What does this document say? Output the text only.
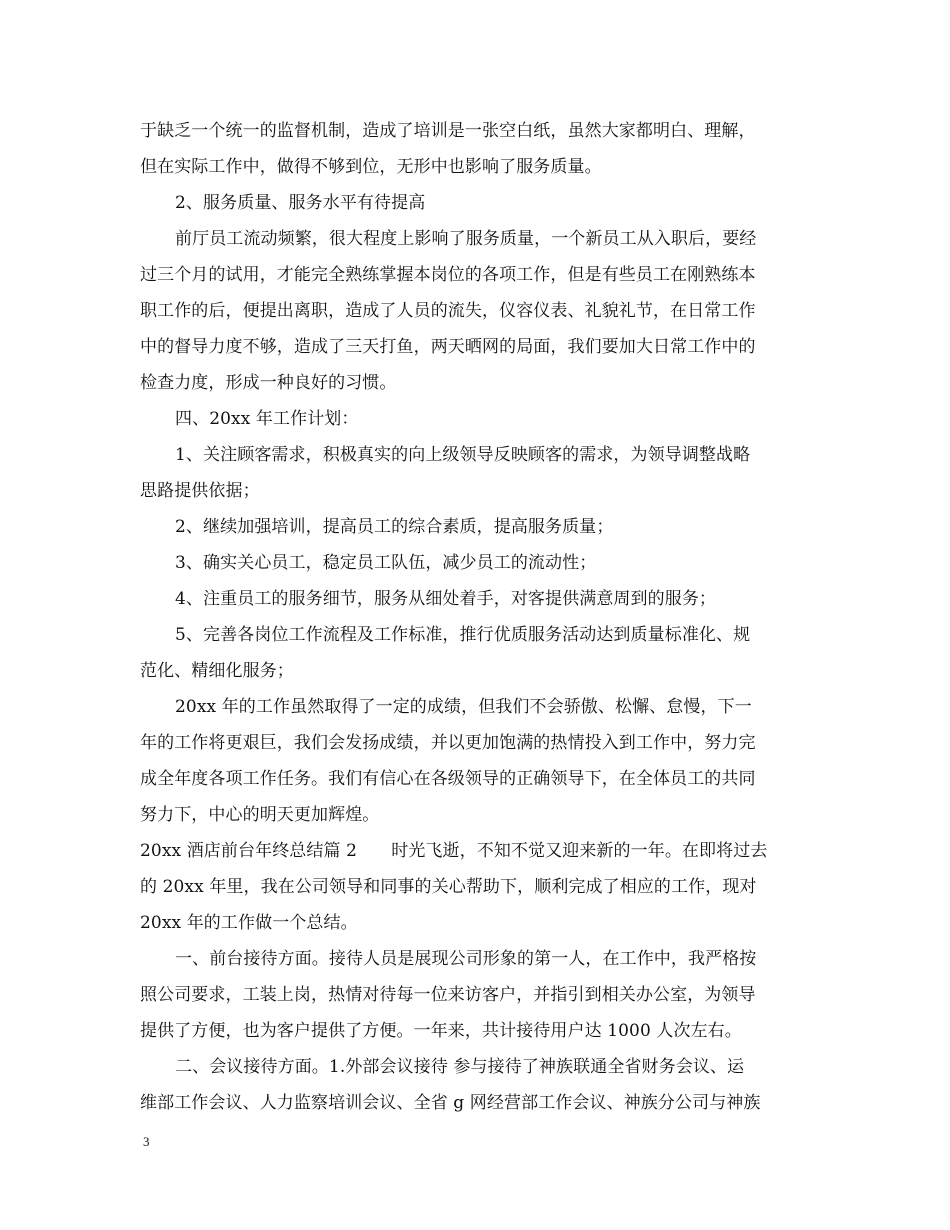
于缺乏一个统一的监督机制，造成了培训是一张空白纸，虽然大家都明白、理解，
但在实际工作中，做得不够到位，无形中也影响了服务质量。
2、服务质量、服务水平有待提高
前厅员工流动频繁，很大程度上影响了服务质量，一个新员工从入职后，要经
过三个月的试用，才能完全熟练掌握本岗位的各项工作，但是有些员工在刚熟练本
职工作的后，便提出离职，造成了人员的流失，仪容仪表、礼貌礼节，在日常工作
中的督导力度不够，造成了三天打鱼，两天晒网的局面，我们要加大日常工作中的
检查力度，形成一种良好的习惯。
四、20xx 年工作计划：
1、关注顾客需求，积极真实的向上级领导反映顾客的需求，为领导调整战略
思路提供依据；
2、继续加强培训，提高员工的综合素质，提高服务质量；
3、确实关心员工，稳定员工队伍，减少员工的流动性；
4、注重员工的服务细节，服务从细处着手，对客提供满意周到的服务；
5、完善各岗位工作流程及工作标准，推行优质服务活动达到质量标准化、规
范化、精细化服务；
20xx 年的工作虽然取得了一定的成绩，但我们不会骄傲、松懈、怠慢，下一
年的工作将更艰巨，我们会发扬成绩，并以更加饱满的热情投入到工作中，努力完
成全年度各项工作任务。我们有信心在各级领导的正确领导下，在全体员工的共同
努力下，中心的明天更加辉煌。
20xx 酒店前台年终总结篇 2　　时光飞逝，不知不觉又迎来新的一年。在即将过去
的 20xx 年里，我在公司领导和同事的关心帮助下，顺利完成了相应的工作，现对
20xx 年的工作做一个总结。
一、前台接待方面。接待人员是展现公司形象的第一人，在工作中，我严格按
照公司要求，工装上岗，热情对待每一位来访客户，并指引到相关办公室，为领导
提供了方便，也为客户提供了方便。一年来，共计接待用户达 1000 人次左右。
二、会议接待方面。1.外部会议接待 参与接待了神族联通全省财务会议、运
维部工作会议、人力监察培训会议、全省 g 网经营部工作会议、神族分公司与神族
3
